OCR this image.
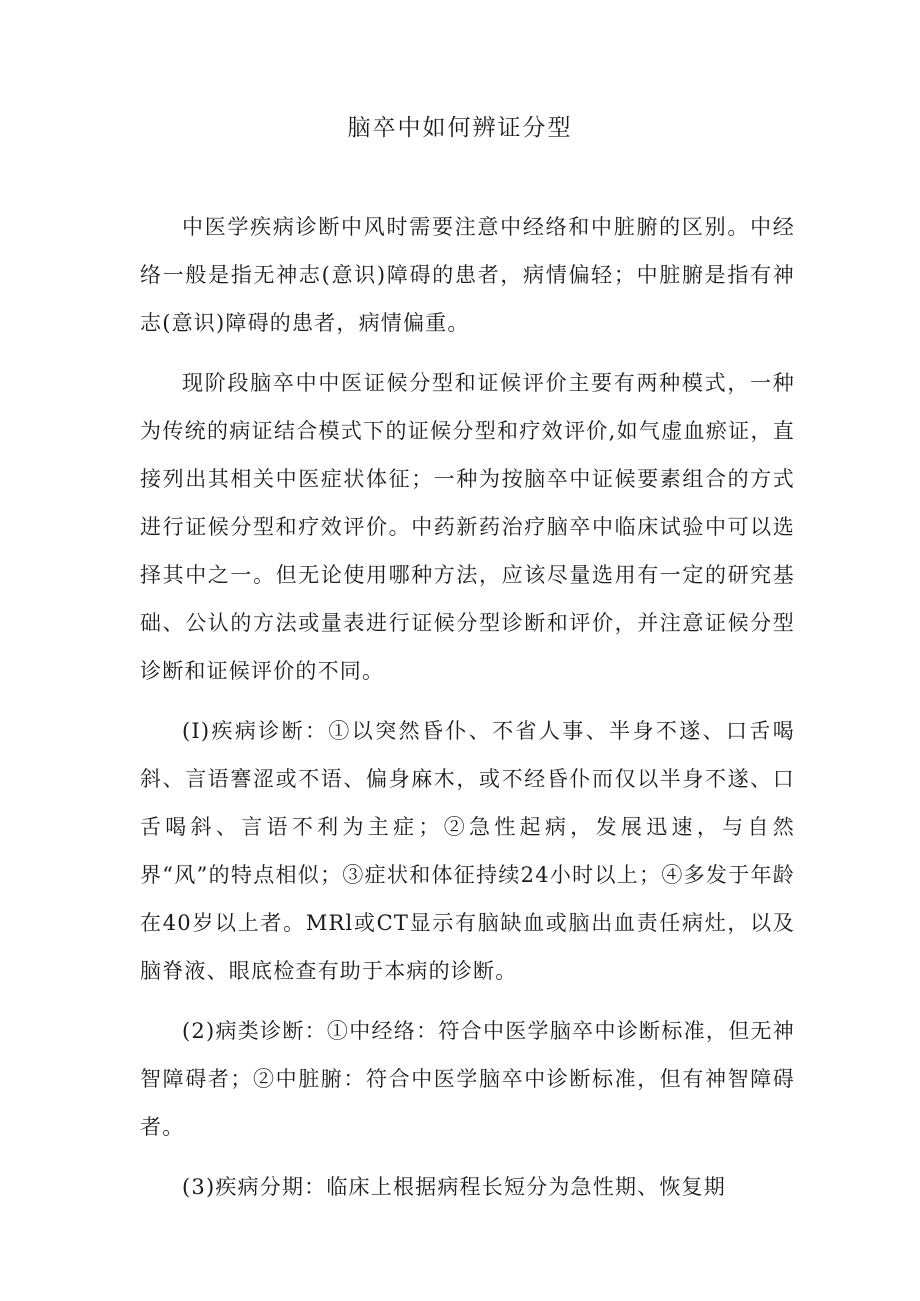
脑卒中如何辨证分型

中医学疾病诊断中风时需要注意中经络和中脏腑的区别。中经络一般是指无神志(意识)障碍的患者，病情偏轻；中脏腑是指有神志(意识)障碍的患者，病情偏重。

现阶段脑卒中中医证候分型和证候评价主要有两种模式，一种为传统的病证结合模式下的证候分型和疗效评价,如气虚血瘀证，直接列出其相关中医症状体征；一种为按脑卒中证候要素组合的方式进行证候分型和疗效评价。中药新药治疗脑卒中临床试验中可以选择其中之一。但无论使用哪种方法，应该尽量选用有一定的研究基础、公认的方法或量表进行证候分型诊断和评价，并注意证候分型诊断和证候评价的不同。

(I)疾病诊断：①以突然昏仆、不省人事、半身不遂、口舌喝斜、言语謇涩或不语、偏身麻木，或不经昏仆而仅以半身不遂、口舌喝斜、言语不利为主症；②急性起病，发展迅速，与自然界“风”的特点相似；③症状和体征持续24小时以上；④多发于年龄在40岁以上者。MRl或CT显示有脑缺血或脑出血责任病灶，以及脑脊液、眼底检查有助于本病的诊断。

(2)病类诊断：①中经络：符合中医学脑卒中诊断标准，但无神智障碍者；②中脏腑：符合中医学脑卒中诊断标准，但有神智障碍者。

(3)疾病分期：临床上根据病程长短分为急性期、恢复期
